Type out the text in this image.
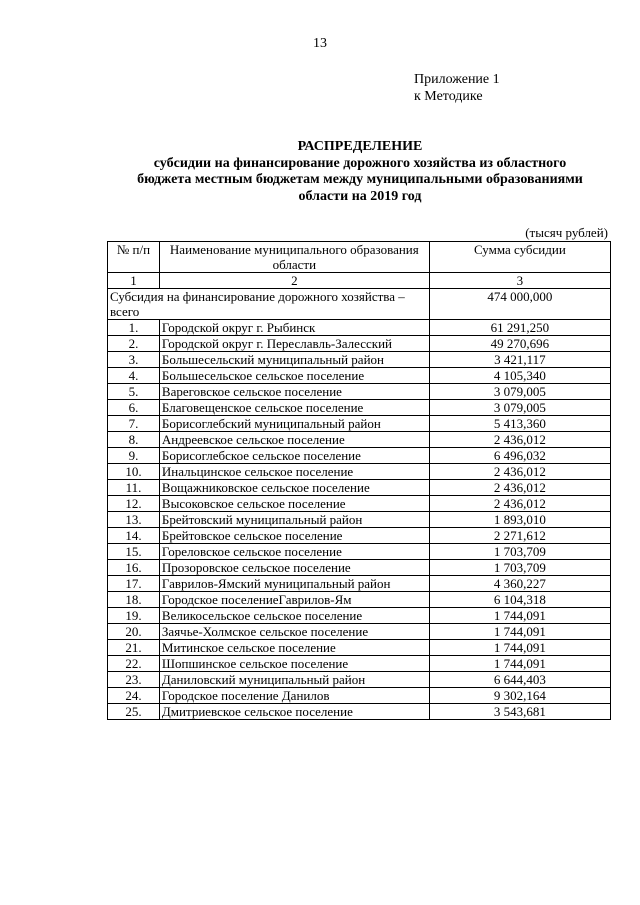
13
Приложение 1
к Методике
РАСПРЕДЕЛЕНИЕ
субсидии на финансирование дорожного хозяйства из областного
бюджета местным бюджетам между муниципальными образованиями
области на 2019 год
(тысяч рублей)
№ п/п	Наименование муниципального образования области	Сумма субсидии
1	2	3
Субсидия на финансирование дорожного хозяйства – всего		474 000,000
1.	Городской округ г. Рыбинск	61 291,250
2.	Городской округ г. Переславль-Залесский	49 270,696
3.	Большесельский муниципальный район	3 421,117
4.	Большесельское сельское поселение	4 105,340
5.	Вареговское сельское поселение	3 079,005
6.	Благовещенское сельское поселение	3 079,005
7.	Борисоглебский муниципальный район	5 413,360
8.	Андреевское сельское поселение	2 436,012
9.	Борисоглебское сельское поселение	6 496,032
10.	Инальцинское сельское поселение	2 436,012
11.	Вощажниковское сельское поселение	2 436,012
12.	Высоковское сельское поселение	2 436,012
13.	Брейтовский муниципальный район	1 893,010
14.	Брейтовское сельское поселение	2 271,612
15.	Гореловское сельское поселение	1 703,709
16.	Прозоровское сельское поселение	1 703,709
17.	Гаврилов-Ямский муниципальный район	4 360,227
18.	Городское поселениеГаврилов-Ям	6 104,318
19.	Великосельское сельское поселение	1 744,091
20.	Заячье-Холмское сельское поселение	1 744,091
21.	Митинское сельское поселение	1 744,091
22.	Шопшинское сельское поселение	1 744,091
23.	Даниловский муниципальный район	6 644,403
24.	Городское поселение Данилов	9 302,164
25.	Дмитриевское сельское поселение	3 543,681
